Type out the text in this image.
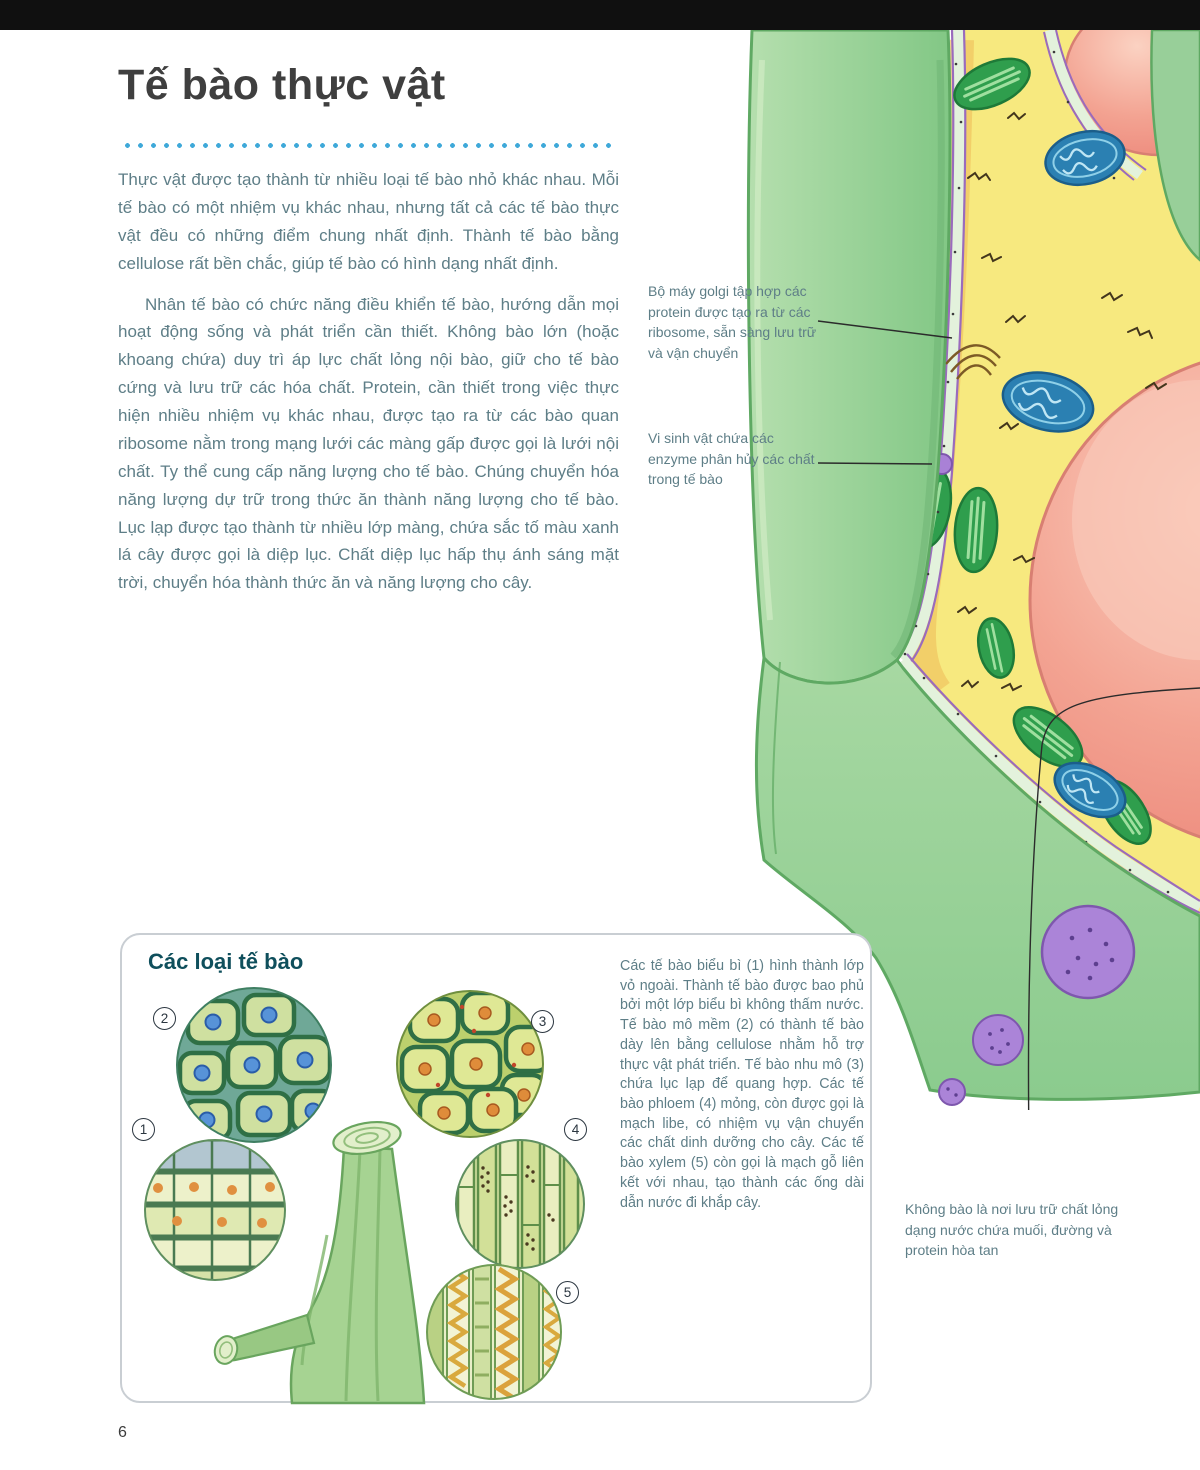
Tế bào thực vật

Thực vật được tạo thành từ nhiều loại tế bào nhỏ khác nhau. Mỗi tế bào có một nhiệm vụ khác nhau, nhưng tất cả các tế bào thực vật đều có những điểm chung nhất định. Thành tế bào bằng cellulose rất bền chắc, giúp tế bào có hình dạng nhất định.

Nhân tế bào có chức năng điều khiển tế bào, hướng dẫn mọi hoạt động sống và phát triển cần thiết. Không bào lớn (hoặc khoang chứa) duy trì áp lực chất lỏng nội bào, giữ cho tế bào cứng và lưu trữ các hóa chất. Protein, cần thiết trong việc thực hiện nhiều nhiệm vụ khác nhau, được tạo ra từ các bào quan ribosome nằm trong mạng lưới các màng gấp được gọi là lưới nội chất. Ty thể cung cấp năng lượng cho tế bào. Chúng chuyển hóa năng lượng dự trữ trong thức ăn thành năng lượng cho tế bào. Lục lạp được tạo thành từ nhiều lớp màng, chứa sắc tố màu xanh lá cây được gọi là diệp lục. Chất diệp lục hấp thụ ánh sáng mặt trời, chuyển hóa thành thức ăn và năng lượng cho cây.

Bộ máy golgi tập hợp các protein được tạo ra từ các ribosome, sẵn sàng lưu trữ và vận chuyển
Vi sinh vật chứa các enzyme phân hủy các chất trong tế bào
Không bào là nơi lưu trữ chất lỏng dạng nước chứa muối, đường và protein hòa tan
Các loại tế bào
1
2	3
4
5

Các tế bào biểu bì (1) hình thành lớp vỏ ngoài. Thành tế bào được bao phủ bởi một lớp biểu bì không thấm nước. Tế bào mô mềm (2) có thành tế bào dày lên bằng cellulose nhằm hỗ trợ thực vật phát triển. Tế bào nhu mô (3) chứa lục lạp để quang hợp. Các tế bào phloem (4) mỏng, còn được gọi là mạch libe, có nhiệm vụ vận chuyển các chất dinh dưỡng cho cây. Các tế bào xylem (5) còn gọi là mạch gỗ liên kết với nhau, tạo thành các ống dài dẫn nước đi khắp cây.

6
